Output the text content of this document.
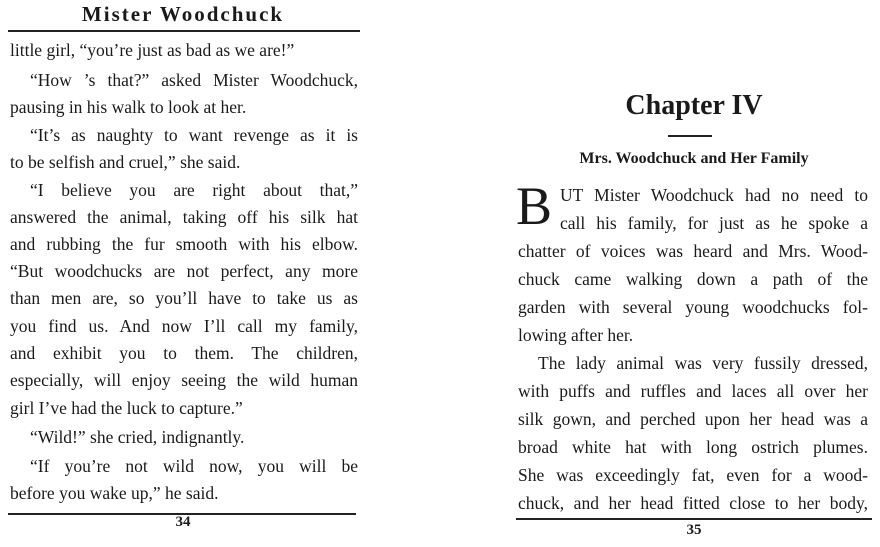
Mister Woodchuck

little girl, “you’re just as bad as we are!”

“How ’s that?” asked Mister Woodchuck,

pausing in his walk to look at her.

“It’s as naughty to want revenge as it is

to be selfish and cruel,” she said.

“I believe you are right about that,”

answered the animal, taking off his silk hat

and rubbing the fur smooth with his elbow.

“But woodchucks are not perfect, any more

than men are, so you’ll have to take us as

you find us. And now I’ll call my family,

and exhibit you to them. The children,

especially, will enjoy seeing the wild human

girl I’ve had the luck to capture.”

“Wild!” she cried, indignantly.

“If you’re not wild now, you will be

before you wake up,” he said.

34
Chapter IV
Mrs. Woodchuck and Her Family
B UT Mister Woodchuck had no need to

call his family, for just as he spoke a

chatter of voices was heard and Mrs. Wood-

chuck came walking down a path of the

garden with several young woodchucks fol-

lowing after her.

The lady animal was very fussily dressed,

with puffs and ruffles and laces all over her

silk gown, and perched upon her head was a

broad white hat with long ostrich plumes.

She was exceedingly fat, even for a wood-

chuck, and her head fitted close to her body,

35
